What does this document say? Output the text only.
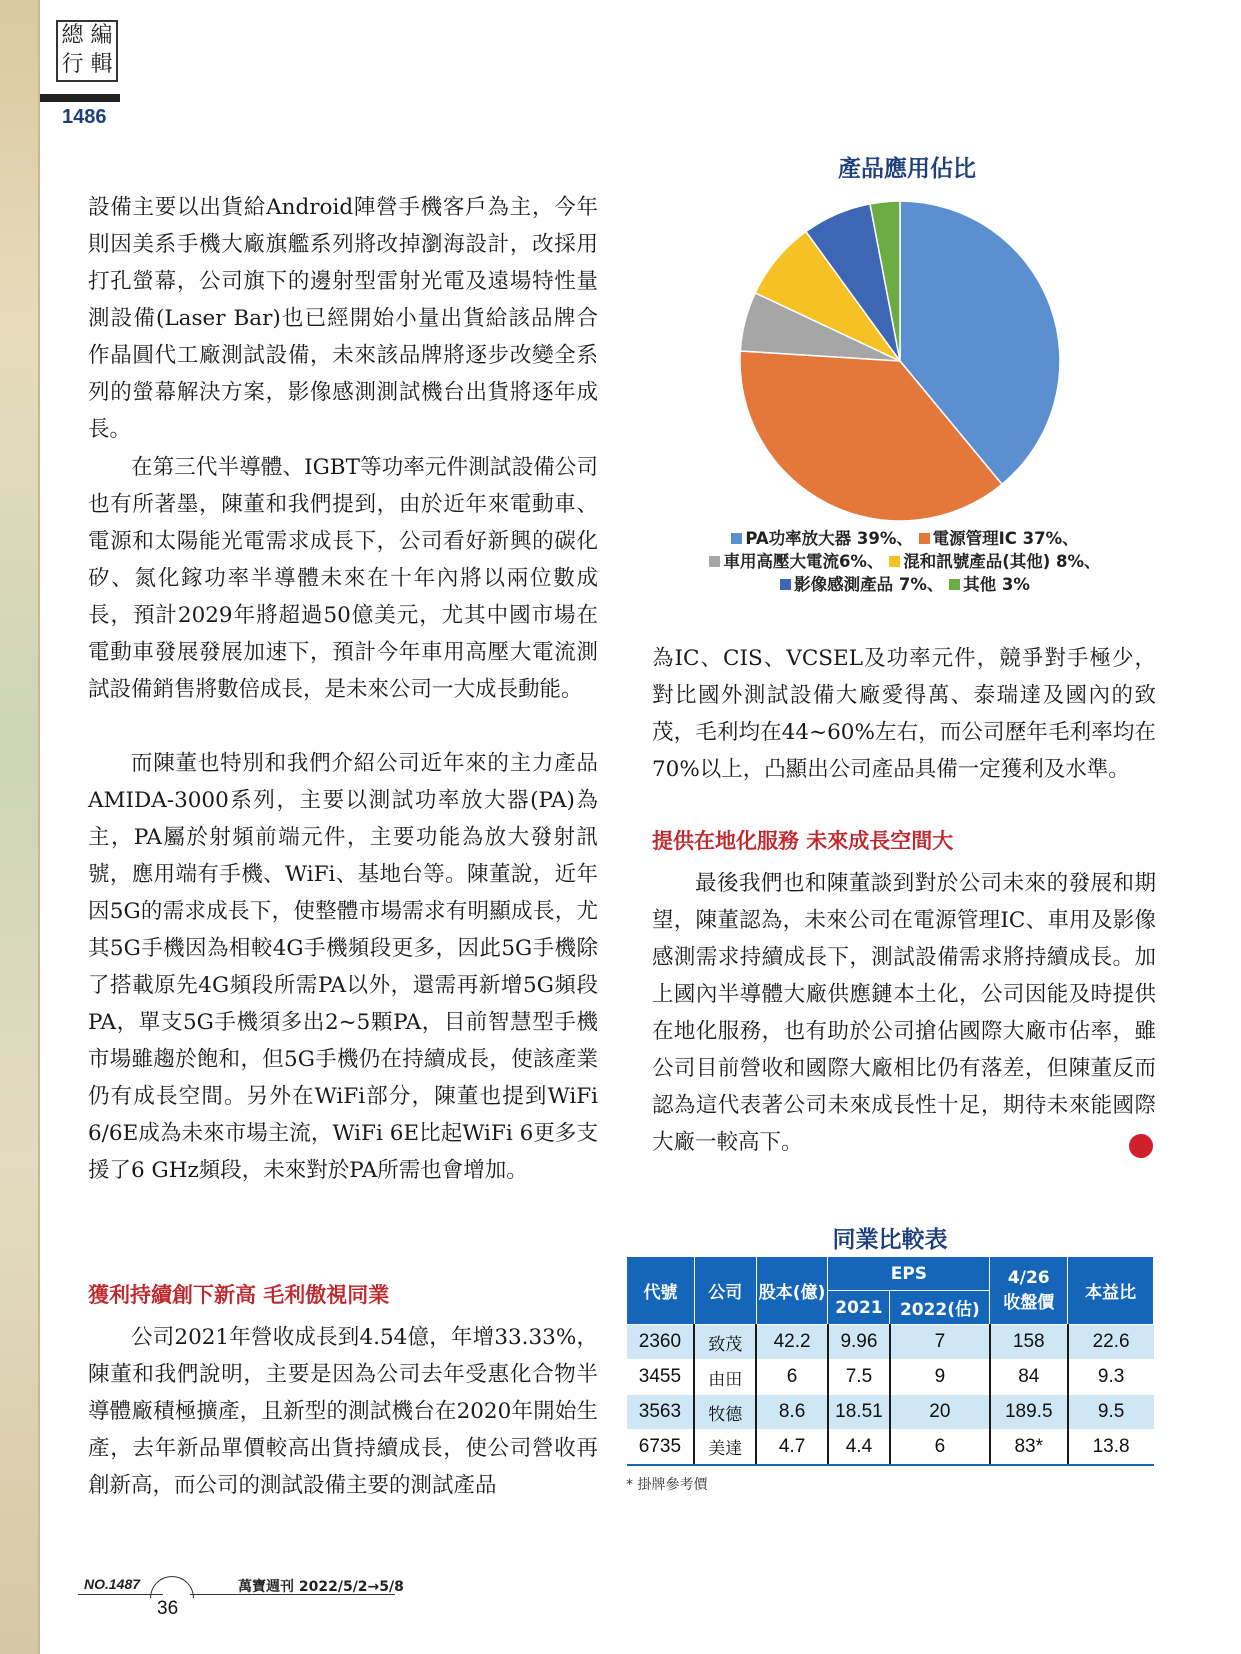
總 編
行 輯
1486

設備主要以出貨給Android陣營手機客戶為主，今年則因美系手機大廠旗艦系列將改掉瀏海設計，改採用打孔螢幕，公司旗下的邊射型雷射光電及遠場特性量測設備(Laser Bar)也已經開始小量出貨給該品牌合作晶圓代工廠測試設備，未來該品牌將逐步改變全系列的螢幕解決方案，影像感測測試機台出貨將逐年成長。

在第三代半導體、IGBT等功率元件測試設備公司也有所著墨，陳董和我們提到，由於近年來電動車、電源和太陽能光電需求成長下，公司看好新興的碳化矽、氮化鎵功率半導體未來在十年內將以兩位數成長，預計2029年將超過50億美元，尤其中國市場在電動車發展發展加速下，預計今年車用高壓大電流測試設備銷售將數倍成長，是未來公司一大成長動能。

而陳董也特別和我們介紹公司近年來的主力產品AMIDA-3000系列，主要以測試功率放大器(PA)為主，PA屬於射頻前端元件，主要功能為放大發射訊號，應用端有手機、WiFi、基地台等。陳董說，近年因5G的需求成長下，使整體市場需求有明顯成長，尤其5G手機因為相較4G手機頻段更多，因此5G手機除了搭載原先4G頻段所需PA以外，還需再新增5G頻段PA，單支5G手機須多出2~5顆PA，目前智慧型手機市場雖趨於飽和，但5G手機仍在持續成長，使該產業仍有成長空間。另外在WiFi部分，陳董也提到WiFi 6/6E成為未來市場主流，WiFi 6E比起WiFi 6更多支援了6 GHz頻段，未來對於PA所需也會增加。

獲利持續創下新高 毛利傲視同業

公司2021年營收成長到4.54億，年增33.33%，陳董和我們說明，主要是因為公司去年受惠化合物半導體廠積極擴產，且新型的測試機台在2020年開始生產，去年新品單價較高出貨持續成長，使公司營收再創新高，而公司的測試設備主要的測試產品

產品應用佔比
PA功率放大器 39%、 電源管理IC 37%、
車用高壓大電流6%、 混和訊號產品(其他) 8%、
影像感測產品 7%、 其他 3%

為IC、CIS、VCSEL及功率元件，競爭對手極少，對比國外測試設備大廠愛得萬、泰瑞達及國內的致茂，毛利均在44~60%左右，而公司歷年毛利率均在70%以上，凸顯出公司產品具備一定獲利及水準。

提供在地化服務 未來成長空間大

最後我們也和陳董談到對於公司未來的發展和期望，陳董認為，未來公司在電源管理IC、車用及影像感測需求持續成長下，測試設備需求將持續成長。加上國內半導體大廠供應鏈本土化，公司因能及時提供在地化服務，也有助於公司搶佔國際大廠市佔率，雖公司目前營收和國際大廠相比仍有落差，但陳董反而認為這代表著公司未來成長性十足，期待未來能國際大廠一較高下。

同業比較表
代號	公司	股本(億)	EPS		4/26
收盤價	本益比
			2021	2022(估)		
2360	致茂	42.2	9.96	7	158	22.6
3455	由田	6	7.5	9	84	9.3
3563	牧德	8.6	18.51	20	189.5	9.5
6735	美達	4.7	4.4	6	83*	13.8
* 掛牌參考價
NO.1487
36
萬寶週刊 2022/5/2→5/8
